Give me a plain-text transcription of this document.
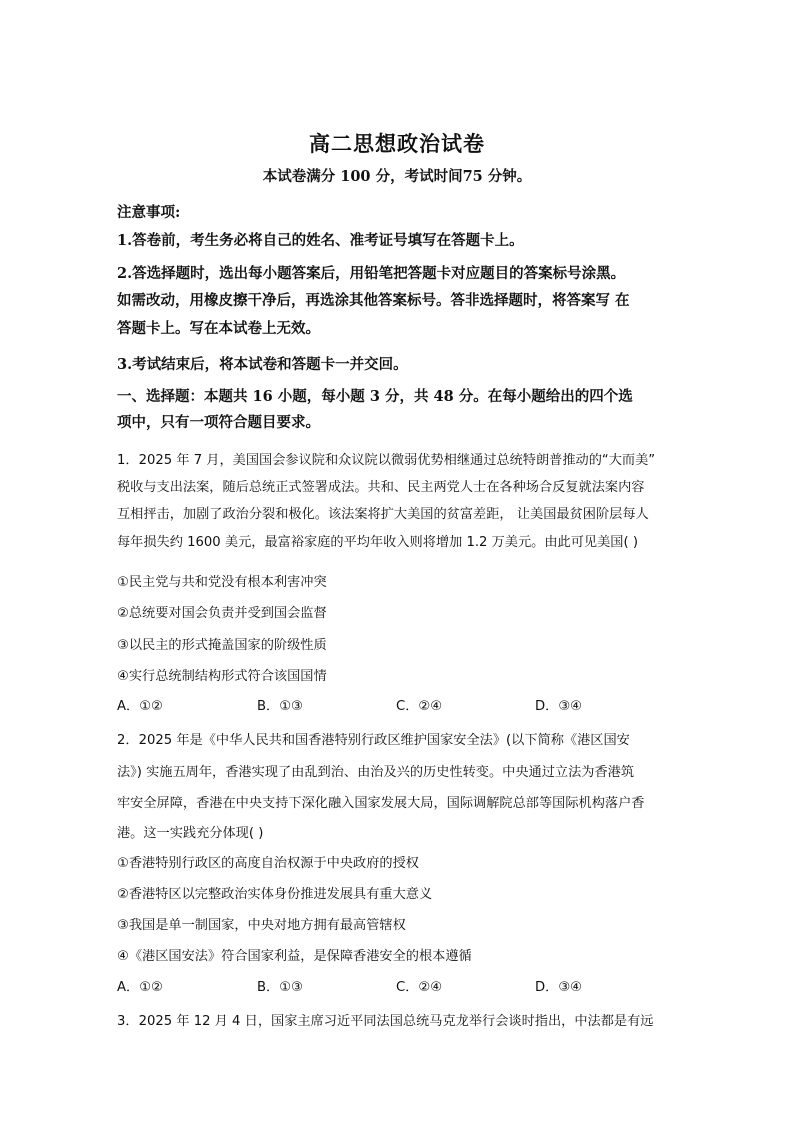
高二思想政治试卷
本试卷满分 100 分，考试时间75 分钟。
注意事项:
1.答卷前，考生务必将自己的姓名、准考证号填写在答题卡上。
2.答选择题时，选出每小题答案后，用铅笔把答题卡对应题目的答案标号涂黑。
如需改动，用橡皮擦干净后，再选涂其他答案标号。答非选择题时，将答案写 在
答题卡上。写在本试卷上无效。
3.考试结束后，将本试卷和答题卡一并交回。
一、选择题：本题共 16 小题，每小题 3 分，共 48 分。在每小题给出的四个选
项中，只有一项符合题目要求。
1．2025 年 7 月，美国国会参议院和众议院以微弱优势相继通过总统特朗普推动的“大而美”
税收与支出法案，随后总统正式签署成法。共和、民主两党人士在各种场合反复就法案内容
互相抨击，加剧了政治分裂和极化。该法案将扩大美国的贫富差距， 让美国最贫困阶层每人
每年损失约 1600 美元，最富裕家庭的平均年收入则将增加 1.2 万美元。由此可见美国( )
①民主党与共和党没有根本利害冲突
②总统要对国会负责并受到国会监督
③以民主的形式掩盖国家的阶级性质
④实行总统制结构形式符合该国国情
A．①②	B．①③	C．②④	D．③④
2．2025 年是《中华人民共和国香港特别行政区维护国家安全法》(以下简称《港区国安
法》) 实施五周年，香港实现了由乱到治、由治及兴的历史性转变。中央通过立法为香港筑
牢安全屏障，香港在中央支持下深化融入国家发展大局，国际调解院总部等国际机构落户香
港。这一实践充分体现( )
①香港特别行政区的高度自治权源于中央政府的授权
②香港特区以完整政治实体身份推进发展具有重大意义
③我国是单一制国家，中央对地方拥有最高管辖权
④《港区国安法》符合国家利益，是保障香港安全的根本遵循
A．①②	B．①③	C．②④	D．③④
3．2025 年 12 月 4 日，国家主席习近平同法国总统马克龙举行会谈时指出，中法都是有远
